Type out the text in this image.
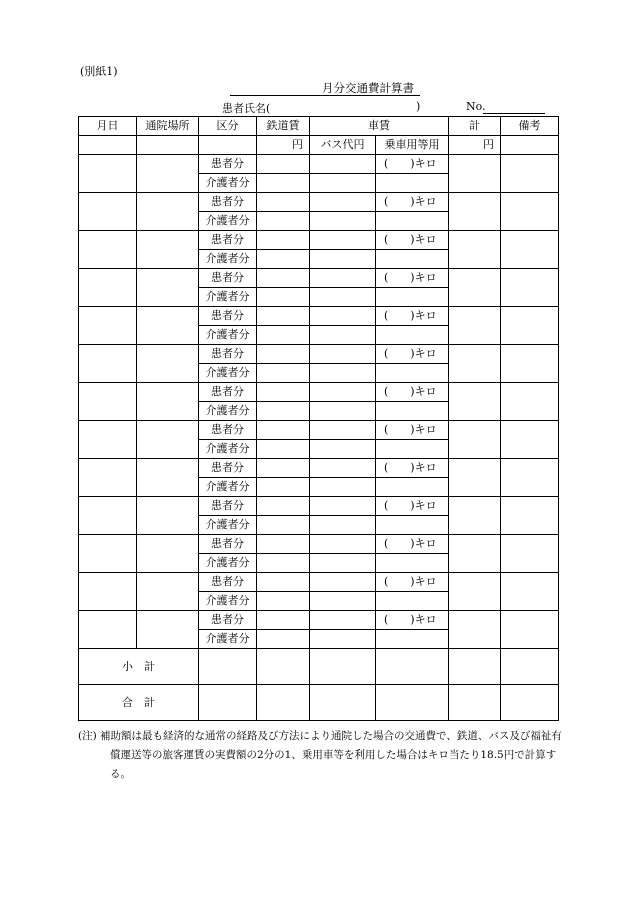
(別紙1)
月分交通費計算書
患者氏名(	)	No.
月日	通院場所	区分	鉄道賃	車賃		計	備考
			円	バス代円	乗車用等用	円	
		患者分			(　　)キロ		
		介護者分					
		患者分			(　　)キロ		
		介護者分					
		患者分			(　　)キロ		
		介護者分					
		患者分			(　　)キロ		
		介護者分					
		患者分			(　　)キロ		
		介護者分					
		患者分			(　　)キロ		
		介護者分					
		患者分			(　　)キロ		
		介護者分					
		患者分			(　　)キロ		
		介護者分					
		患者分			(　　)キロ		
		介護者分					
		患者分			(　　)キロ		
		介護者分					
		患者分			(　　)キロ		
		介護者分					
		患者分			(　　)キロ		
		介護者分					
		患者分			(　　)キロ		
		介護者分					
小　計							
合　計							
(注) 補助額は最も経済的な通常の経路及び方法により通院した場合の交通費で、鉄道、バス及び福祉有償運送等の旅客運賃の実費額の2分の1、乗用車等を利用した場合はキロ当たり18.5円で計算する。
